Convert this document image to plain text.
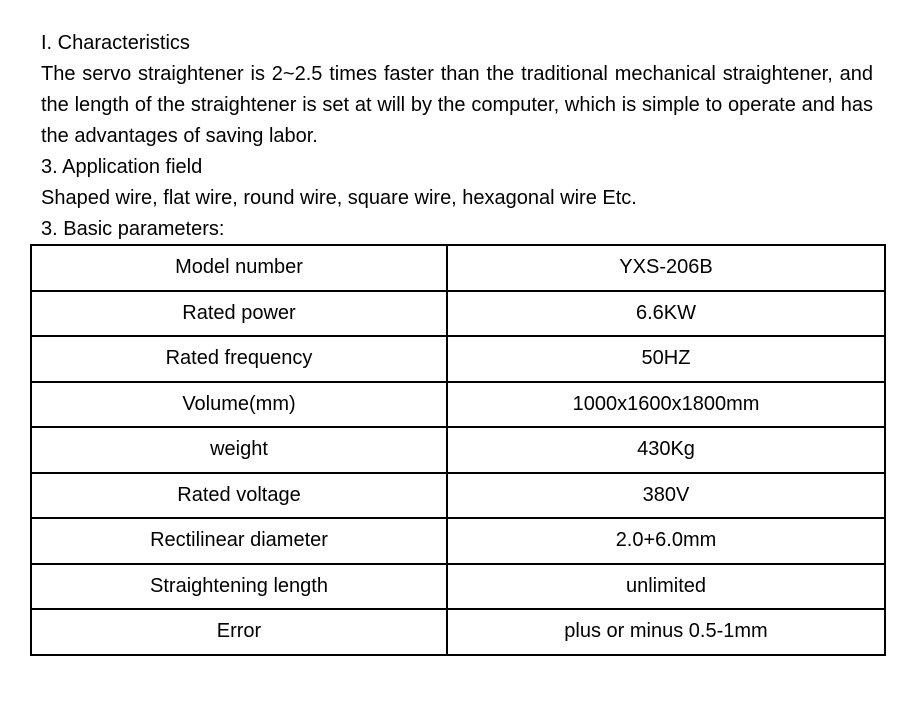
I. Characteristics

The servo straightener is 2~2.5 times faster than the traditional mechanical straightener, and the length of the straightener is set at will by the computer, which is simple to operate and has the advantages of saving labor.

3. Application field

Shaped wire, flat wire, round wire, square wire, hexagonal wire Etc.

3. Basic parameters:

Model number	YXS-206B
Rated power	6.6KW
Rated frequency	50HZ
Volume(mm)	1000x1600x1800mm
weight	430Kg
Rated voltage	380V
Rectilinear diameter	2.0+6.0mm
Straightening length	unlimited
Error	plus or minus 0.5-1mm
